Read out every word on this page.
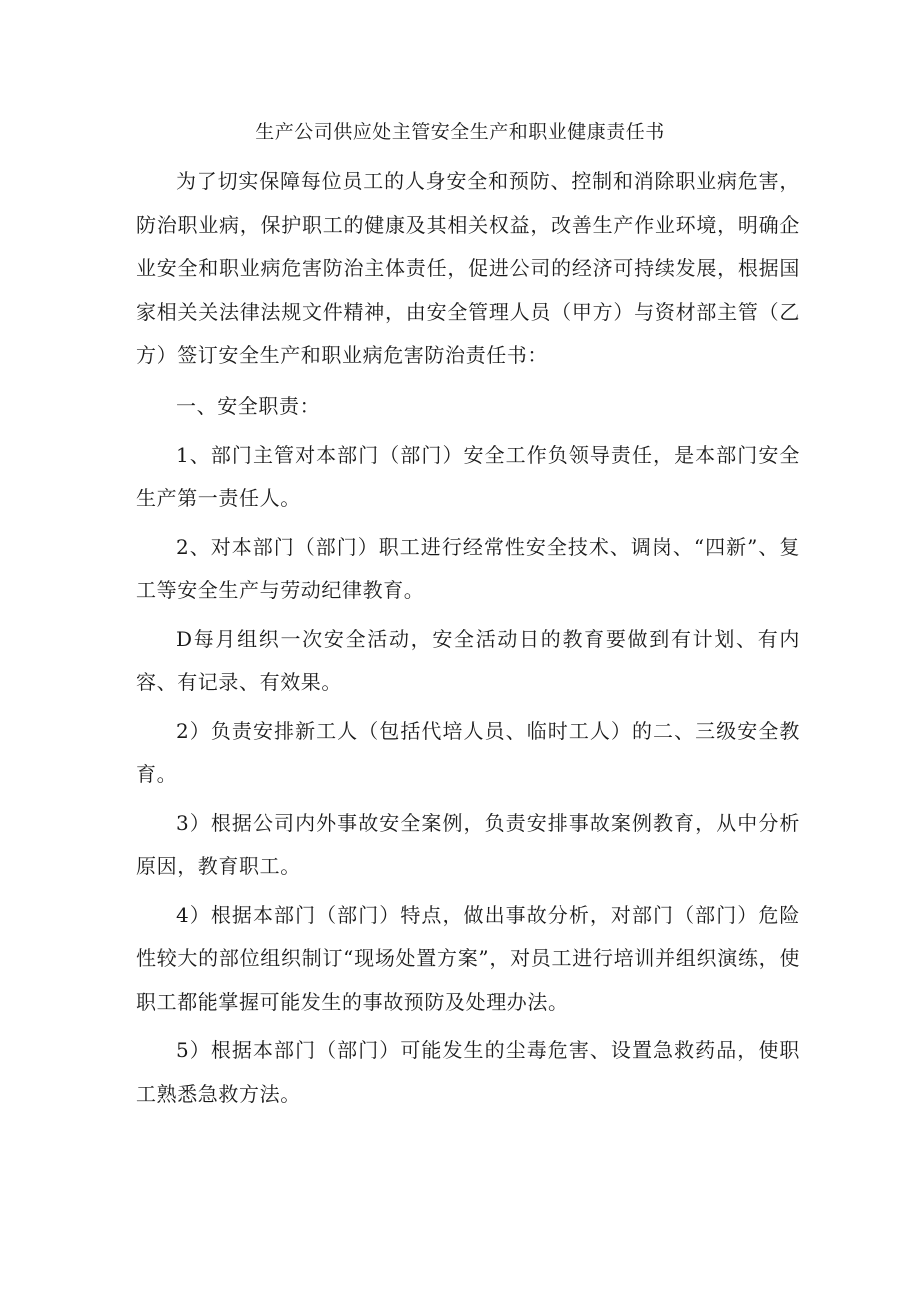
生产公司供应处主管安全生产和职业健康责任书

为了切实保障每位员工的人身安全和预防、控制和消除职业病危害，防治职业病，保护职工的健康及其相关权益，改善生产作业环境，明确企业安全和职业病危害防治主体责任，促进公司的经济可持续发展，根据国家相关关法律法规文件精神，由安全管理人员（甲方）与资材部主管（乙方）签订安全生产和职业病危害防治责任书：

一、安全职责：

1、部门主管对本部门（部门）安全工作负领导责任，是本部门安全生产第一责任人。

2、对本部门（部门）职工进行经常性安全技术、调岗、“四新”、复工等安全生产与劳动纪律教育。

D每月组织一次安全活动，安全活动日的教育要做到有计划、有内容、有记录、有效果。

2）负责安排新工人（包括代培人员、临时工人）的二、三级安全教育。

3）根据公司内外事故安全案例，负责安排事故案例教育，从中分析原因，教育职工。

4）根据本部门（部门）特点，做出事故分析，对部门（部门）危险性较大的部位组织制订“现场处置方案”，对员工进行培训并组织演练，使职工都能掌握可能发生的事故预防及处理办法。

5）根据本部门（部门）可能发生的尘毒危害、设置急救药品，使职工熟悉急救方法。
